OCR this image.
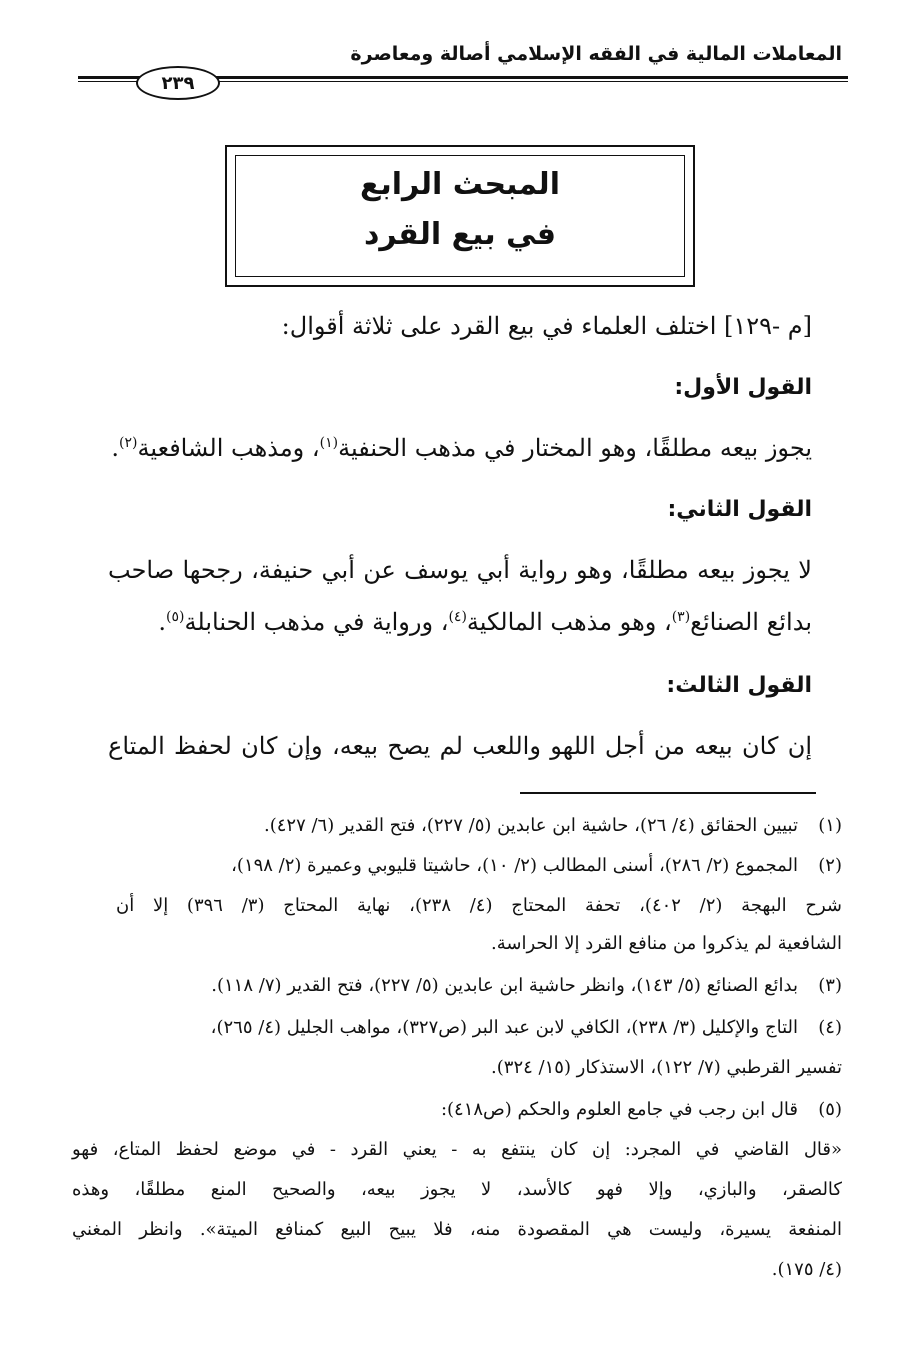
المعاملات المالية في الفقه الإسلامي أصالة ومعاصرة
٢٣٩
المبحث الرابع
في بيع القرد
[م -١٢٩] اختلف العلماء في بيع القرد على ثلاثة أقوال:
القول الأول:
يجوز بيعه مطلقًا، وهو المختار في مذهب الحنفية$^{(١)}$، ومذهب الشافعية$^{(٢)}$.
القول الثاني:
لا يجوز بيعه مطلقًا، وهو رواية أبي يوسف عن أبي حنيفة، رجحها صاحب
بدائع الصنائع$^{(٣)}$، وهو مذهب المالكية$^{(٤)}$، ورواية في مذهب الحنابلة$^{(٥)}$.
القول الثالث:
إن كان بيعه من أجل اللهو واللعب لم يصح بيعه، وإن كان لحفظ المتاع
(١)تبيين الحقائق (٤/ ٢٦)، حاشية ابن عابدين (٥/ ٢٢٧)، فتح القدير (٦/ ٤٢٧).
(٢)المجموع (٢/ ٢٨٦)، أسنى المطالب (٢/ ١٠)، حاشيتا قليوبي وعميرة (٢/ ١٩٨)،
شرح البهجة (٢/ ٤٠٢)، تحفة المحتاج (٤/ ٢٣٨)، نهاية المحتاج (٣/ ٣٩٦) إلا أن
الشافعية لم يذكروا من منافع القرد إلا الحراسة.
(٣)بدائع الصنائع (٥/ ١٤٣)، وانظر حاشية ابن عابدين (٥/ ٢٢٧)، فتح القدير (٧/ ١١٨).
(٤)التاج والإكليل (٣/ ٢٣٨)، الكافي لابن عبد البر (ص٣٢٧)، مواهب الجليل (٤/ ٢٦٥)،
تفسير القرطبي (٧/ ١٢٢)، الاستذكار (١٥/ ٣٢٤).
(٥)قال ابن رجب في جامع العلوم والحكم (ص٤١٨):
«قال القاضي في المجرد: إن كان ينتفع به - يعني القرد - في موضع لحفظ المتاع، فهو
كالصقر، والبازي، وإلا فهو كالأسد، لا يجوز بيعه، والصحيح المنع مطلقًا، وهذه
المنفعة يسيرة، وليست هي المقصودة منه، فلا يبيح البيع كمنافع الميتة». وانظر المغني
(٤/ ١٧٥).
